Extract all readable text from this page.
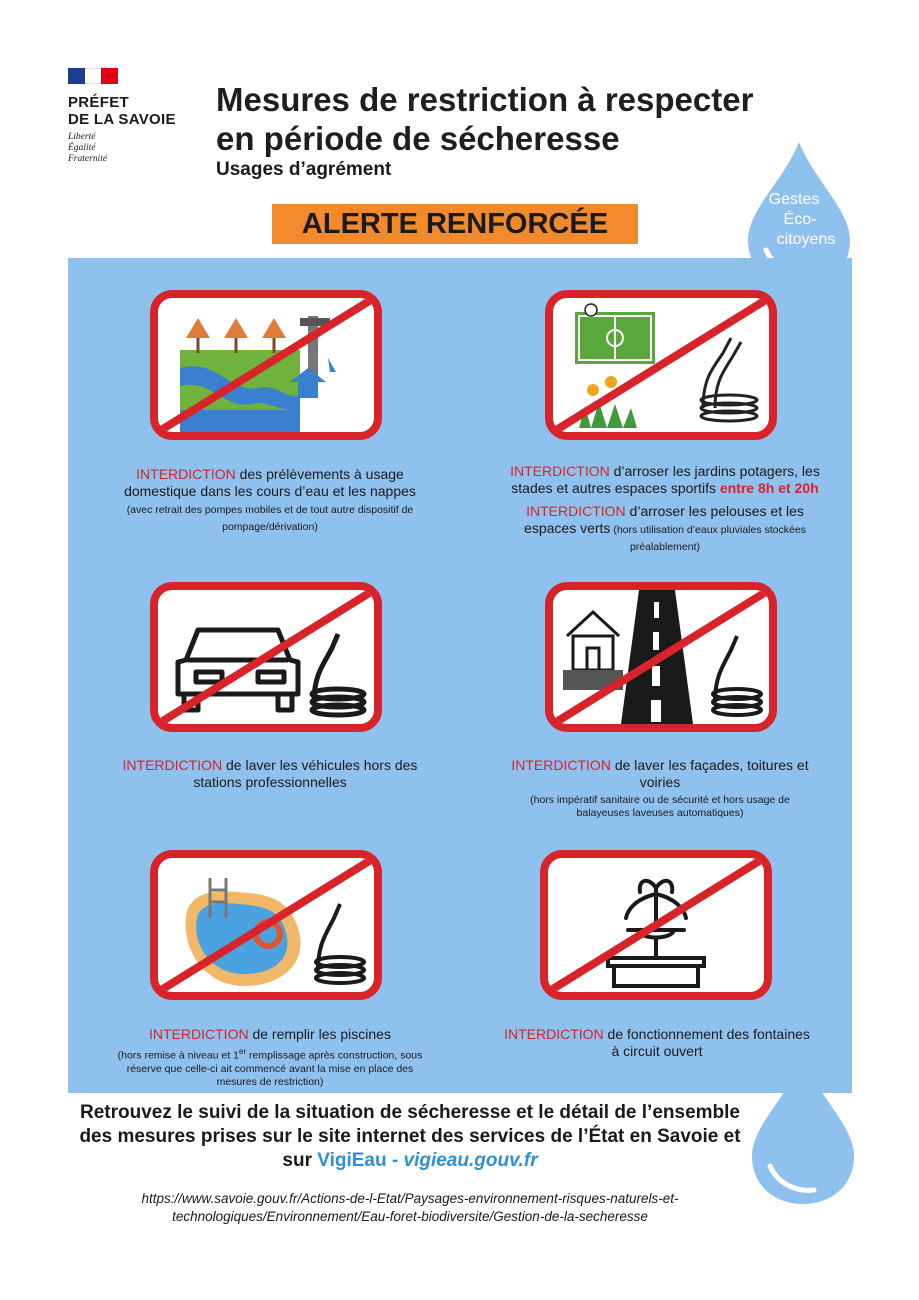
PRÉFET
DE LA SAVOIE
Liberté
Égalité
Fraternité
Mesures de restriction à respecter
en période de sécheresse
Usages d’agrément
ALERTE RENFORCÉE
Gestes
Éco-
citoyens
INTERDICTION des prélèvements à usage domestique dans les cours d’eau et les nappes (avec retrait des pompes mobiles et de tout autre dispositif de pompage/dérivation)
INTERDICTION d’arroser les jardins potagers, les stades et autres espaces sportifs entre 8h et 20h
INTERDICTION d’arroser les pelouses et les espaces verts (hors utilisation d’eaux pluviales stockées préalablement)
INTERDICTION de laver les véhicules hors des stations professionnelles
INTERDICTION de laver les façades, toitures et voiries
(hors impératif sanitaire ou de sécurité et hors usage de balayeuses laveuses automatiques)
INTERDICTION de remplir les piscines
(hors remise à niveau et 1er remplissage après construction, sous réserve que celle-ci ait commencé avant la mise en place des mesures de restriction)
INTERDICTION de fonctionnement des fontaines à circuit ouvert
Retrouvez le suivi de la situation de sécheresse et le détail de l’ensemble des mesures prises sur le site internet des services de l’État en Savoie et sur VigiEau - vigieau.gouv.fr
https://www.savoie.gouv.fr/Actions-de-l-Etat/Paysages-environnement-risques-naturels-et-technologiques/Environnement/Eau-foret-biodiversite/Gestion-de-la-secheresse
